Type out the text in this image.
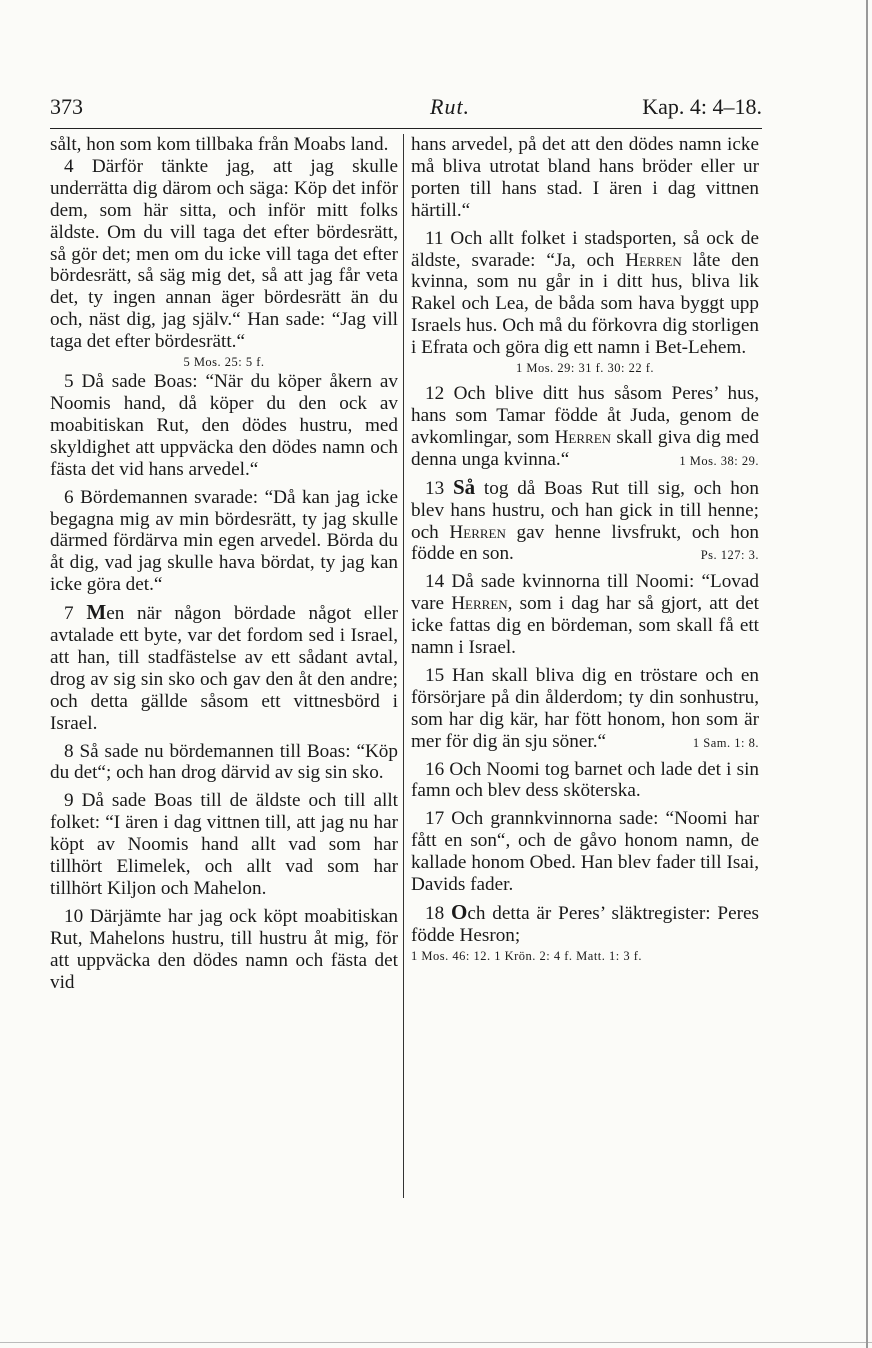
373	Rut.	Kap. 4: 4–18.

sålt, hon som kom tillbaka från Moabs land.

4 Därför tänkte jag, att jag skulle underrätta dig därom och säga: Köp det inför dem, som här sitta, och inför mitt folks äldste. Om du vill taga det efter bördesrätt, så gör det; men om du icke vill taga det efter bördesrätt, så säg mig det, så att jag får veta det, ty ingen annan äger bördesrätt än du och, näst dig, jag själv.“ Han sade: “Jag vill taga det efter bördesrätt.“

5 Mos. 25: 5 f.

5 Då sade Boas: “När du köper åkern av Noomis hand, då köper du den ock av moabitiskan Rut, den dödes hustru, med skyldighet att uppväcka den dödes namn och fästa det vid hans arvedel.“

6 Bördemannen svarade: “Då kan jag icke begagna mig av min bördesrätt, ty jag skulle därmed fördärva min egen arvedel. Börda du åt dig, vad jag skulle hava bördat, ty jag kan icke göra det.“

7 Men när någon bördade något eller avtalade ett byte, var det fordom sed i Israel, att han, till stadfästelse av ett sådant avtal, drog av sig sin sko och gav den åt den andre; och detta gällde såsom ett vittnesbörd i Israel.

8 Så sade nu bördemannen till Boas: “Köp du det“; och han drog därvid av sig sin sko.

9 Då sade Boas till de äldste och till allt folket: “I ären i dag vittnen till, att jag nu har köpt av Noomis hand allt vad som har tillhört Elimelek, och allt vad som har tillhört Kiljon och Mahelon.

10 Därjämte har jag ock köpt moabitiskan Rut, Mahelons hustru, till hustru åt mig, för att uppväcka den dödes namn och fästa det vid

hans arvedel, på det att den dödes namn icke må bliva utrotat bland hans bröder eller ur porten till hans stad. I ären i dag vittnen härtill.“

11 Och allt folket i stadsporten, så ock de äldste, svarade: “Ja, och Herren låte den kvinna, som nu går in i ditt hus, bliva lik Rakel och Lea, de båda som hava byggt upp Israels hus. Och må du förkovra dig storligen i Efrata och göra dig ett namn i Bet-Lehem.

1 Mos. 29: 31 f. 30: 22 f.

12 Och blive ditt hus såsom Peres’ hus, hans som Tamar födde åt Juda, genom de avkomlingar, som Herren skall giva dig med denna unga kvinna.“	1 Mos. 38: 29.

13 Så tog då Boas Rut till sig, och hon blev hans hustru, och han gick in till henne; och Herren gav henne livsfrukt, och hon födde en son.	Ps. 127: 3.

14 Då sade kvinnorna till Noomi: “Lovad vare Herren, som i dag har så gjort, att det icke fattas dig en bördeman, som skall få ett namn i Israel.

15 Han skall bliva dig en tröstare och en försörjare på din ålderdom; ty din sonhustru, som har dig kär, har fött honom, hon som är mer för dig än sju söner.“	1 Sam. 1: 8.

16 Och Noomi tog barnet och lade det i sin famn och blev dess sköterska.

17 Och grannkvinnorna sade: “Noomi har fått en son“, och de gåvo honom namn, de kallade honom Obed. Han blev fader till Isai, Davids fader.

18 Och detta är Peres’ släktregister: Peres födde Hesron;

1 Mos. 46: 12. 1 Krön. 2: 4 f. Matt. 1: 3 f.
